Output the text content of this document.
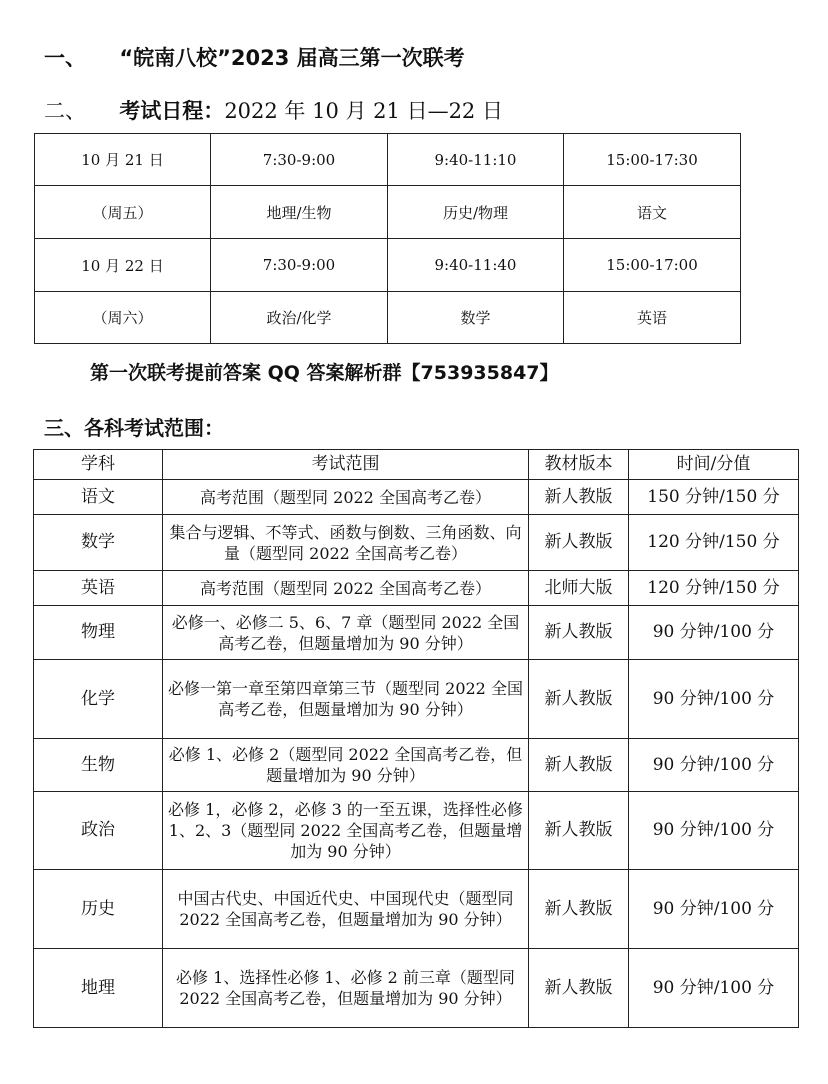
一、 “皖南八校”2023 届高三第一次联考
二、 考试日程：2022 年 10 月 21 日—22 日
10 月 21 日	7:30-9:00	9:40-11:10	15:00-17:30
（周五）	地理/生物	历史/物理	语文
10 月 22 日	7:30-9:00	9:40-11:40	15:00-17:00
（周六）	政治/化学	数学	英语
第一次联考提前答案 QQ 答案解析群【753935847】
三、各科考试范围：
学科	考试范围	教材版本	时间/分值
语文	高考范围（题型同 2022 全国高考乙卷）	新人教版	150 分钟/150 分
数学	集合与逻辑、不等式、函数与倒数、三角函数、向量（题型同 2022 全国高考乙卷）	新人教版	120 分钟/150 分
英语	高考范围（题型同 2022 全国高考乙卷）	北师大版	120 分钟/150 分
物理	必修一、必修二 5、6、7 章（题型同 2022 全国高考乙卷，但题量增加为 90 分钟）	新人教版	90 分钟/100 分
化学	必修一第一章至第四章第三节（题型同 2022 全国高考乙卷，但题量增加为 90 分钟）	新人教版	90 分钟/100 分
生物	必修 1、必修 2（题型同 2022 全国高考乙卷，但题量增加为 90 分钟）	新人教版	90 分钟/100 分
政治	必修 1，必修 2，必修 3 的一至五课，选择性必修 1、2、3（题型同 2022 全国高考乙卷，但题量增加为 90 分钟）	新人教版	90 分钟/100 分
历史	中国古代史、中国近代史、中国现代史（题型同 2022 全国高考乙卷，但题量增加为 90 分钟）	新人教版	90 分钟/100 分
地理	必修 1、选择性必修 1、必修 2 前三章（题型同 2022 全国高考乙卷，但题量增加为 90 分钟）	新人教版	90 分钟/100 分
